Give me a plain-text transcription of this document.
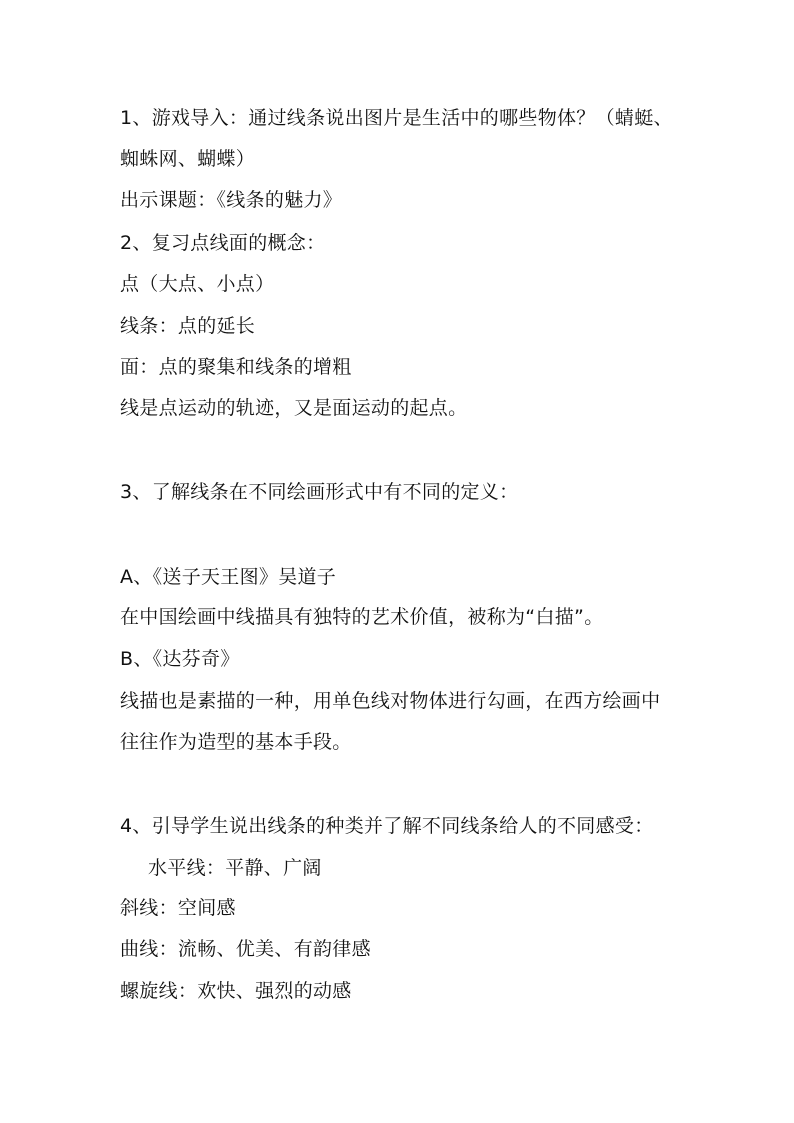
1、游戏导入：通过线条说出图片是生活中的哪些物体？（蜻蜓、
蜘蛛网、蝴蝶）
出示课题：《线条的魅力》
2、复习点线面的概念：
点（大点、小点）
线条：点的延长
面：点的聚集和线条的增粗
线是点运动的轨迹，又是面运动的起点。
3、了解线条在不同绘画形式中有不同的定义：
A、《送子天王图》吴道子
在中国绘画中线描具有独特的艺术价值，被称为“白描”。
B、《达芬奇》
线描也是素描的一种，用单色线对物体进行勾画，在西方绘画中
往往作为造型的基本手段。
4、引导学生说出线条的种类并了解不同线条给人的不同感受：
水平线：平静、广阔
斜线：空间感
曲线：流畅、优美、有韵律感
螺旋线：欢快、强烈的动感
